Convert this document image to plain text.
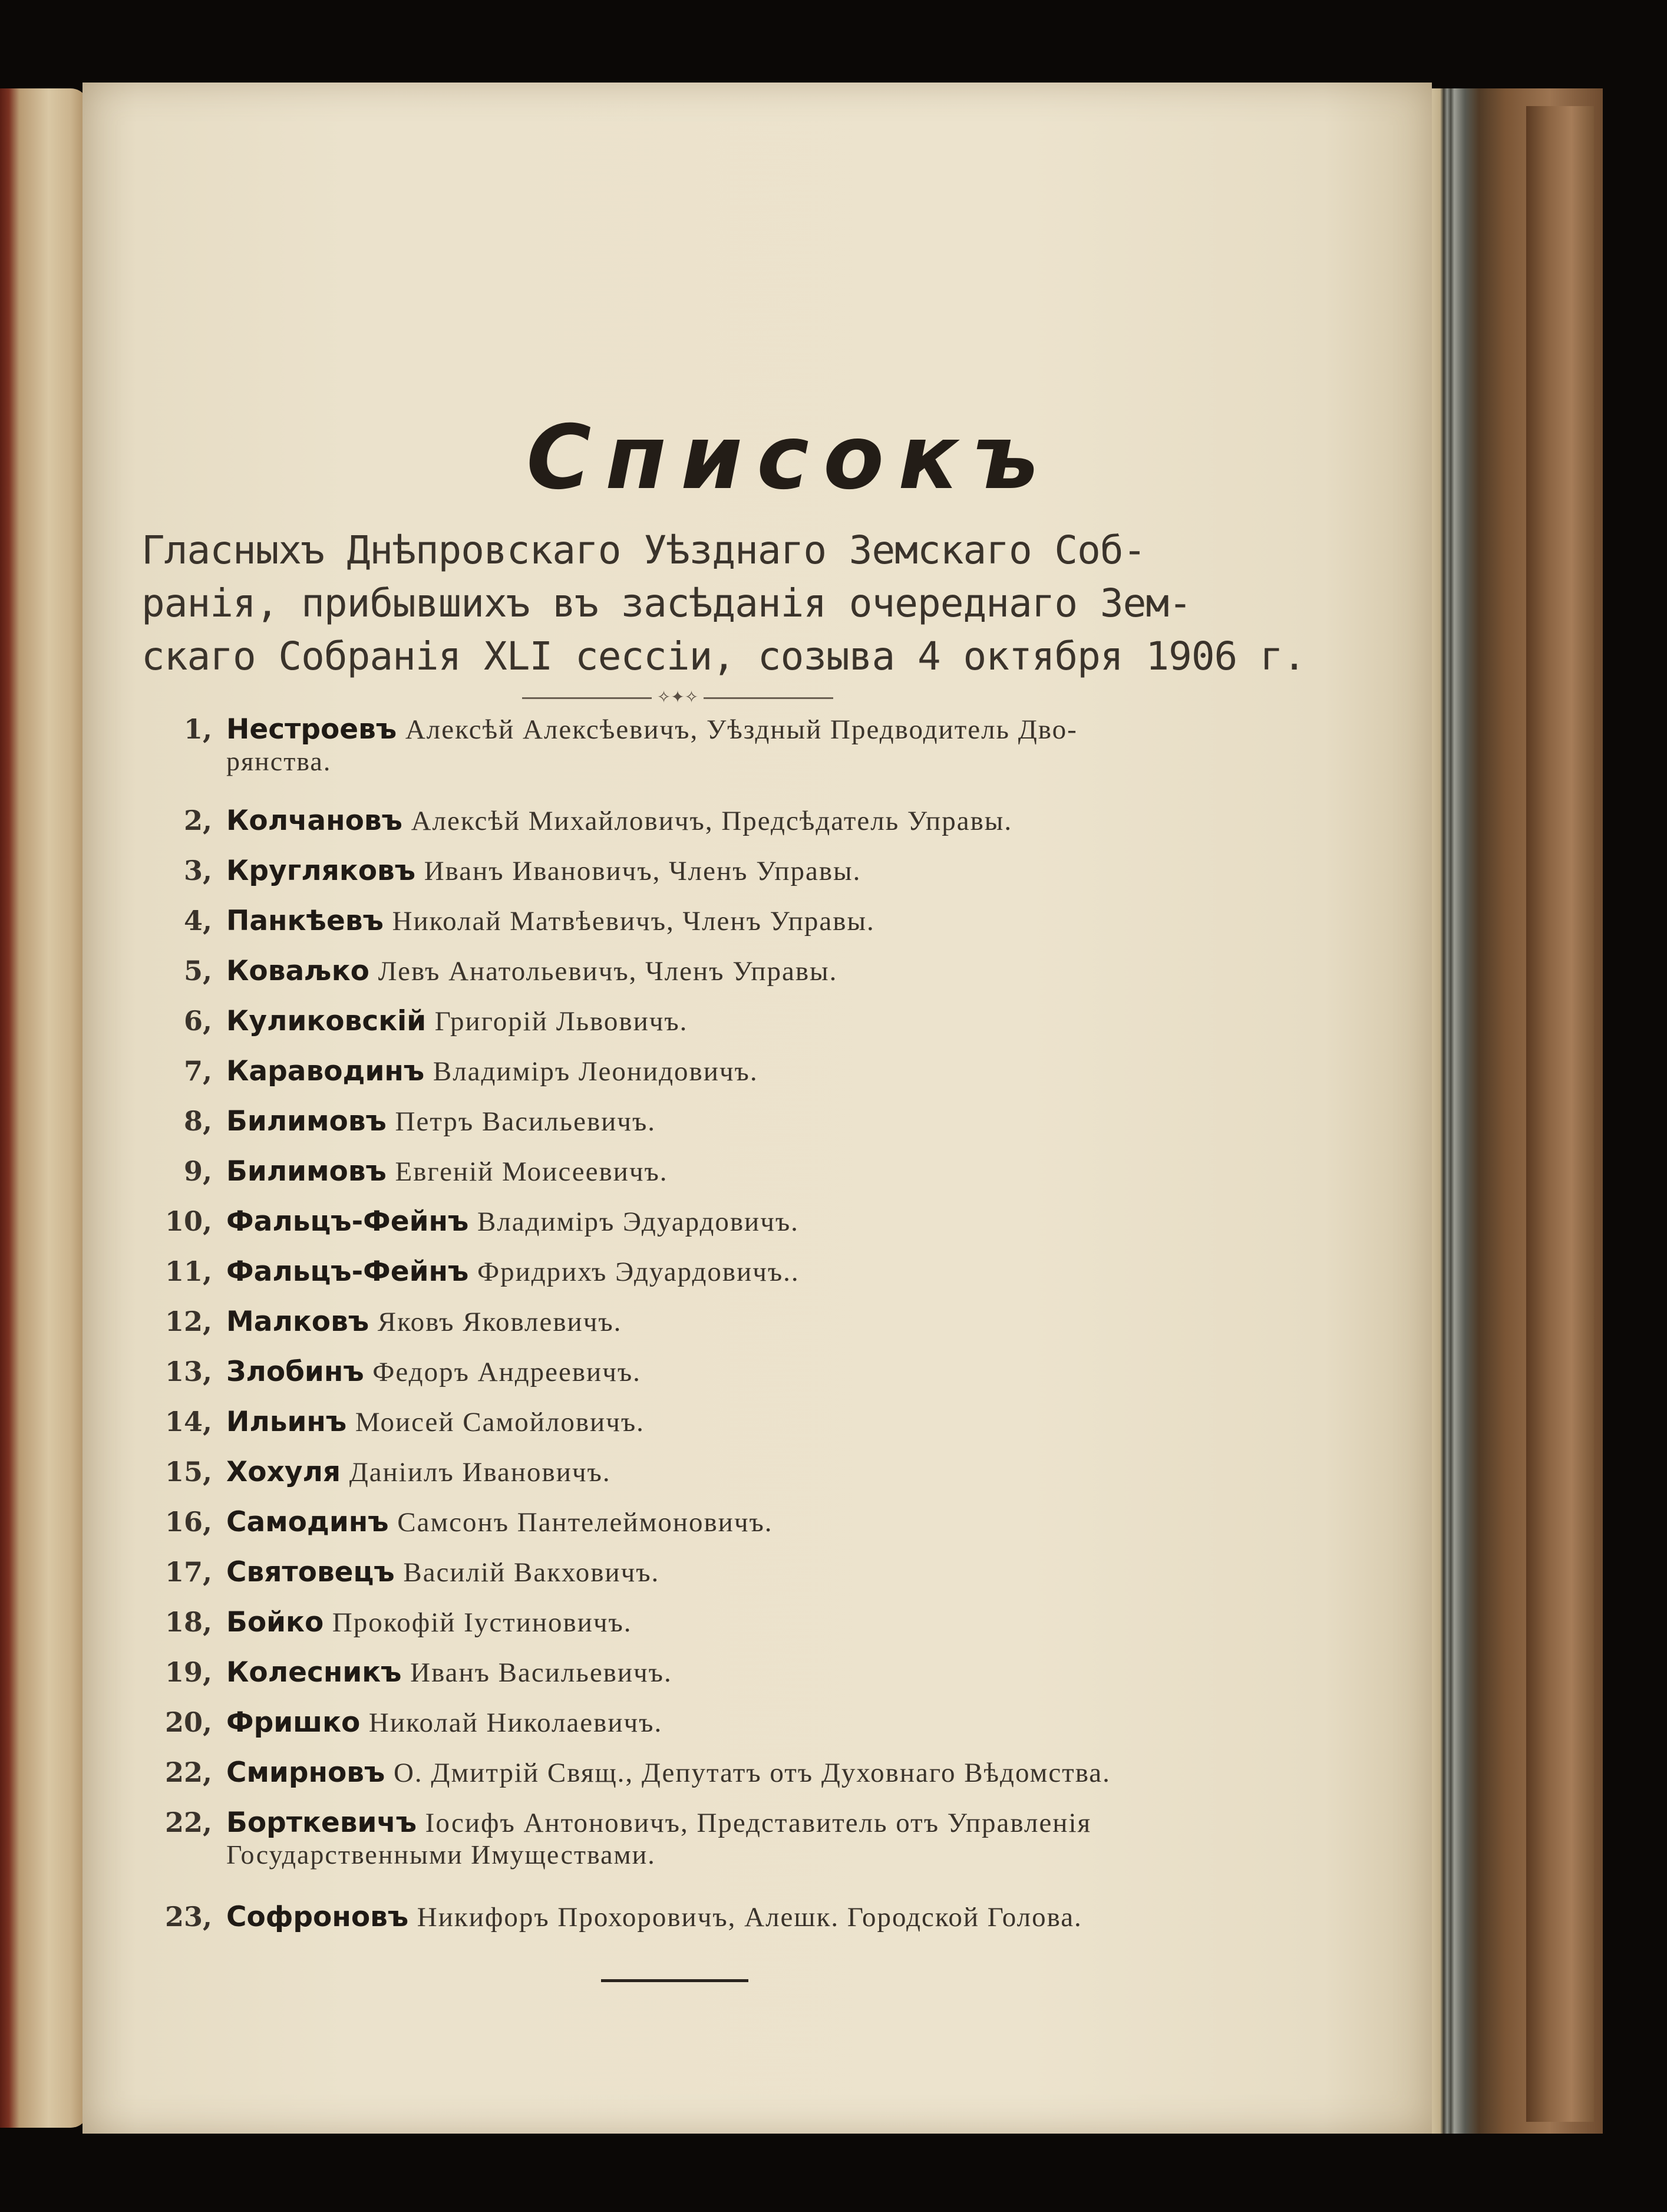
Списокъ
Гласныхъ Днѣпровскаго Уѣзднаго Земскаго Соб-
ранія, прибывшихъ въ засѣданія очереднаго Зем-
скаго Собранія XLI сессіи, созыва 4 октября 1906 г.
✧✦✧
1, Нестроевъ Алексѣй Алексѣевичъ, Уѣздный Предводитель Дво-
рянства.
2, Колчановъ Алексѣй Михайловичъ, Предсѣдатель Управы.
3, Кругляковъ Иванъ Ивановичъ, Членъ Управы.
4, Панкѣевъ Николай Матвѣевичъ, Членъ Управы.
5, Коваљко Левъ Анатольевичъ, Членъ Управы.
6, Куликовскій Григорій Львовичъ.
7, Караводинъ Владиміръ Леонидовичъ.
8, Билимовъ Петръ Васильевичъ.
9, Билимовъ Евгеній Моисеевичъ.
10, Фальцъ-Фейнъ Владиміръ Эдуардовичъ.
11, Фальцъ-Фейнъ Фридрихъ Эдуардовичъ..
12, Малковъ Яковъ Яковлевичъ.
13, Злобинъ Федоръ Андреевичъ.
14, Ильинъ Моисей Самойловичъ.
15, Хохуля Даніилъ Ивановичъ.
16, Самодинъ Самсонъ Пантелеймоновичъ.
17, Святовецъ Василій Вакховичъ.
18, Бойко Прокофій Іустиновичъ.
19, Колесникъ Иванъ Васильевичъ.
20, Фришко Николай Николаевичъ.
22, Смирновъ О. Дмитрій Свящ., Депутатъ отъ Духовнаго Вѣдомства.
22, Борткевичъ Іосифъ Антоновичъ, Представитель отъ Управленія
Государственными Имуществами.
23, Софроновъ Никифоръ Прохоровичъ, Алешк. Городской Голова.
